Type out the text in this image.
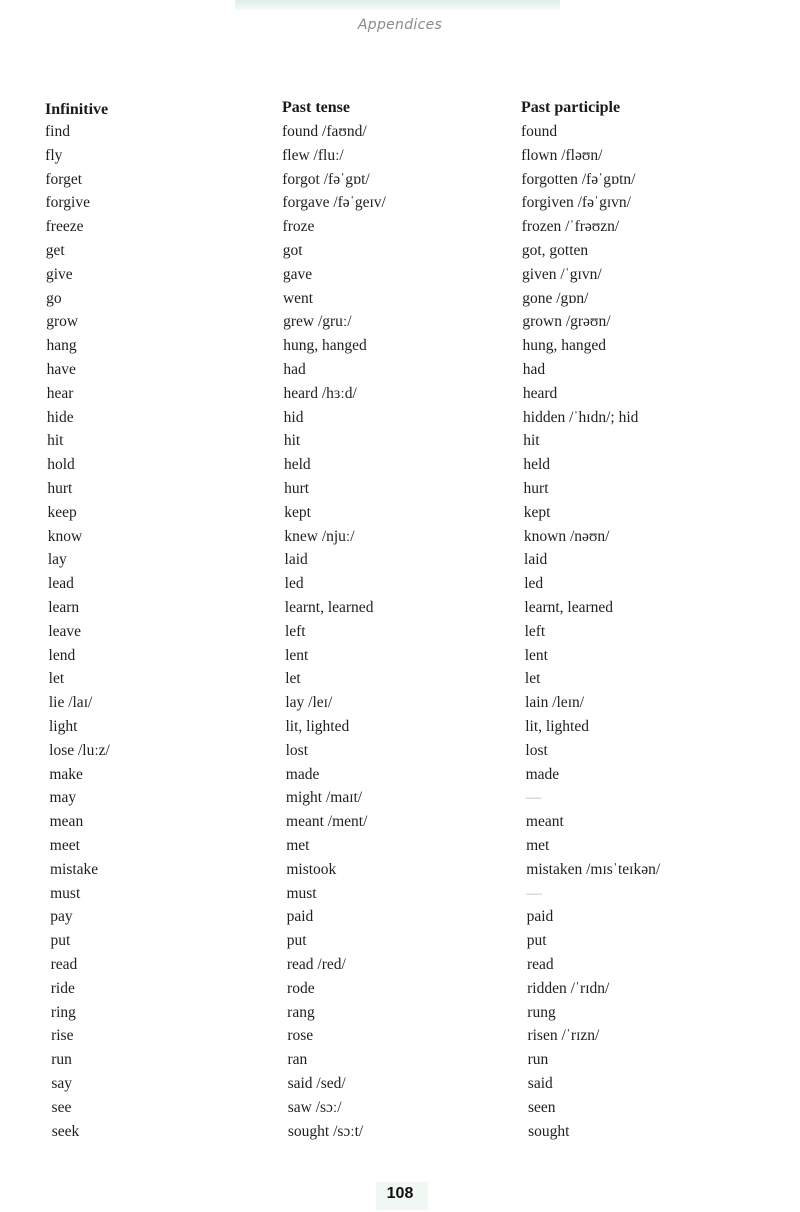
Appendices
Infinitive	Past tense	Past participle
find	found /faʊnd/	found
fly	flew /fluː/	flown /fləʊn/
forget	forgot /fəˈgɒt/	forgotten /fəˈgɒtn/
forgive	forgave /fəˈgeɪv/	forgiven /fəˈgɪvn/
freeze	froze	frozen /ˈfrəʊzn/
get	got	got, gotten
give	gave	given /ˈgɪvn/
go	went	gone /gɒn/
grow	grew /gruː/	grown /grəʊn/
hang	hung, hanged	hung, hanged
have	had	had
hear	heard /hɜːd/	heard
hide	hid	hidden /ˈhɪdn/; hid
hit	hit	hit
hold	held	held
hurt	hurt	hurt
keep	kept	kept
know	knew /njuː/	known /nəʊn/
lay	laid	laid
lead	led	led
learn	learnt, learned	learnt, learned
leave	left	left
lend	lent	lent
let	let	let
lie /laɪ/	lay /leɪ/	lain /leɪn/
light	lit, lighted	lit, lighted
lose /luːz/	lost	lost
make	made	made
may	might /maɪt/	—
mean	meant /ment/	meant
meet	met	met
mistake	mistook	mistaken /mɪsˈteɪkən/
must	must	—
pay	paid	paid
put	put	put
read	read /red/	read
ride	rode	ridden /ˈrɪdn/
ring	rang	rung
rise	rose	risen /ˈrɪzn/
run	ran	run
say	said /sed/	said
see	saw /sɔː/	seen
seek	sought /sɔːt/	sought
108
